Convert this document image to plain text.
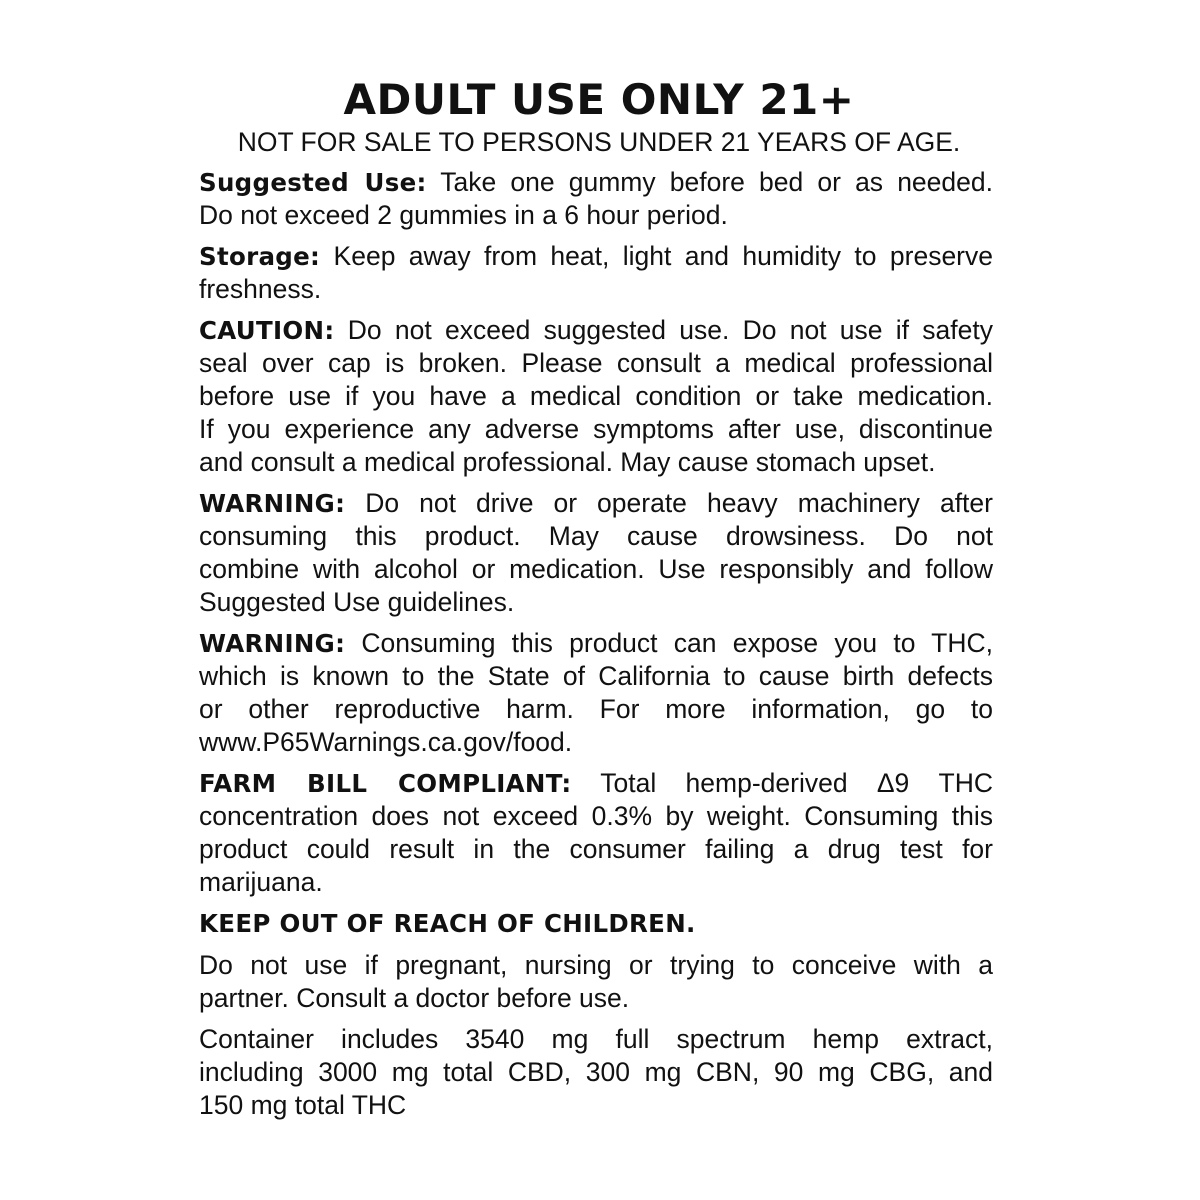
ADULT USE ONLY 21+

NOT FOR SALE TO PERSONS UNDER 21 YEARS OF AGE.

Suggested Use: Take one gummy before bed or as needed.
Do not exceed 2 gummies in a 6 hour period.
Storage: Keep away from heat, light and humidity to preserve
freshness.
CAUTION: Do not exceed suggested use. Do not use if safety
seal over cap is broken. Please consult a medical professional
before use if you have a medical condition or take medication.
If you experience any adverse symptoms after use, discontinue
and consult a medical professional. May cause stomach upset.
WARNING: Do not drive or operate heavy machinery after
consuming this product. May cause drowsiness. Do not
combine with alcohol or medication. Use responsibly and follow
Suggested Use guidelines.
WARNING: Consuming this product can expose you to THC,
which is known to the State of California to cause birth defects
or other reproductive harm. For more information, go to
www.P65Warnings.ca.gov/food.
FARM BILL COMPLIANT: Total hemp-derived Δ9 THC
concentration does not exceed 0.3% by weight. Consuming this
product could result in the consumer failing a drug test for
marijuana.

KEEP OUT OF REACH OF CHILDREN.

Do not use if pregnant, nursing or trying to conceive with a
partner. Consult a doctor before use.
Container includes 3540 mg full spectrum hemp extract,
including 3000 mg total CBD, 300 mg CBN, 90 mg CBG, and
150 mg total THC
